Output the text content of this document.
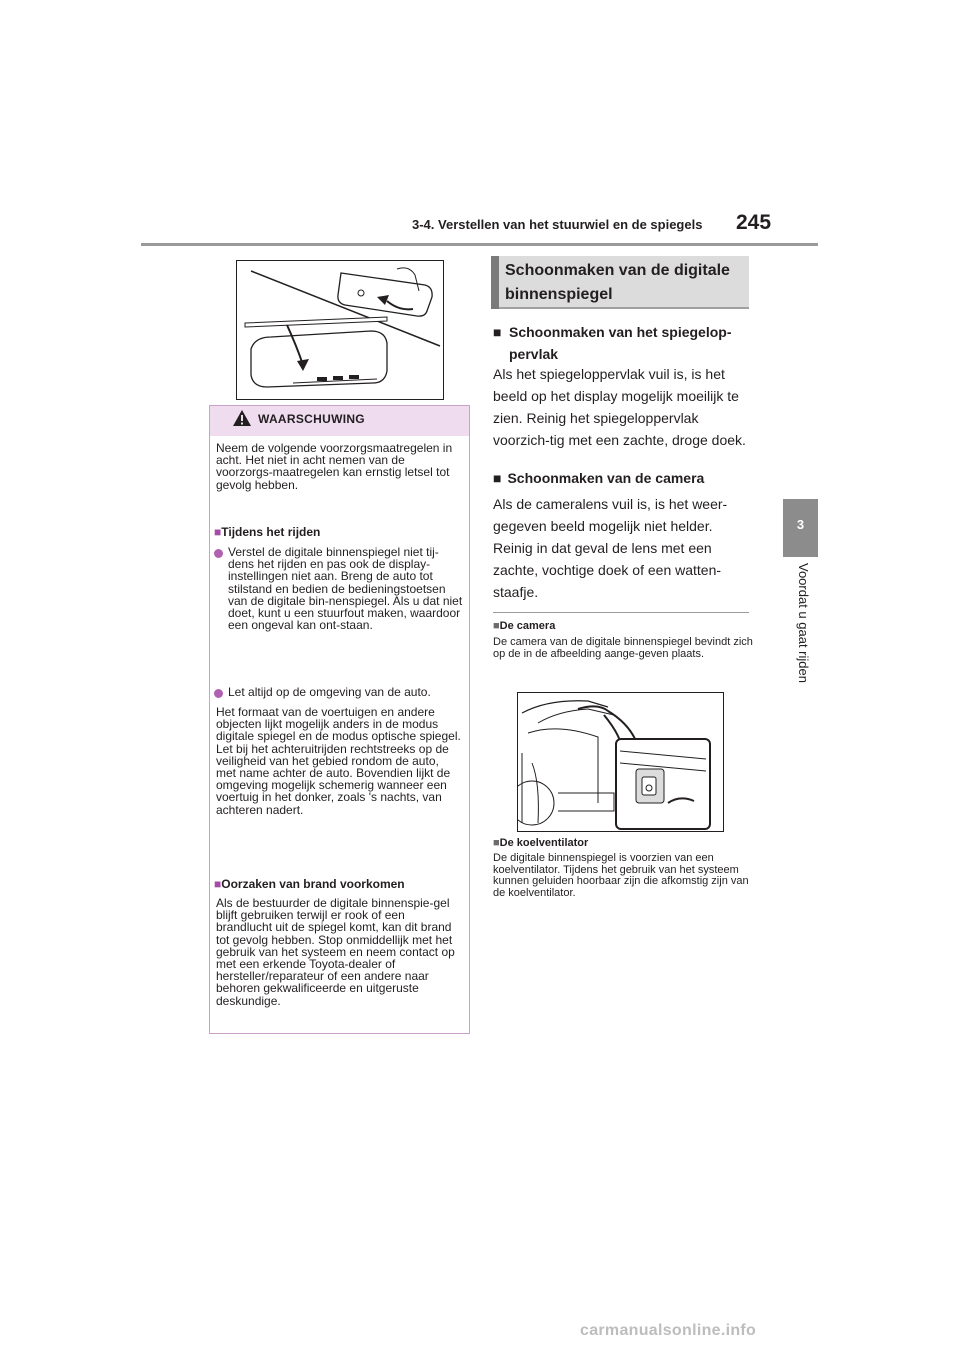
3-4. Verstellen van het stuurwiel en de spiegels 245
3
Voordat u gaat rijden
WAARSCHUWING
Neem de volgende voorzorgsmaatregelen in acht. Het niet in acht nemen van de voorzorgs-maatregelen kan ernstig letsel tot gevolg hebben.
■Tijdens het rijden
Verstel de digitale binnenspiegel niet tij-dens het rijden en pas ook de display-instellingen niet aan. Breng de auto tot stilstand en bedien de bedieningstoetsen van de digitale bin-nenspiegel. Als u dat niet doet, kunt u een stuurfout maken, waardoor een ongeval kan ont-staan.
Let altijd op de omgeving van de auto.
Het formaat van de voertuigen en andere objecten lijkt mogelijk anders in de modus digitale spiegel en de modus optische spiegel. Let bij het achteruitrijden rechtstreeks op de veiligheid van het gebied rondom de auto, met name achter de auto. Bovendien lijkt de omgeving mogelijk schemerig wanneer een voertuig in het donker, zoals 's nachts, van achteren nadert.
■Oorzaken van brand voorkomen
Als de bestuurder de digitale binnenspie-gel blijft gebruiken terwijl er rook of een brandlucht uit de spiegel komt, kan dit brand tot gevolg hebben. Stop onmiddellijk met het gebruik van het systeem en neem contact op met een erkende Toyota-dealer of hersteller/reparateur of een andere naar behoren gekwalificeerde en uitgeruste deskundige.
Schoonmaken van de digitale binnenspiegel
■ Schoonmaken van het spiegelop-pervlak
Als het spiegeloppervlak vuil is, is het beeld op het display mogelijk moeilijk te zien. Reinig het spiegeloppervlak voorzich-tig met een zachte, droge doek.
■ Schoonmaken van de camera
Als de cameralens vuil is, is het weer-gegeven beeld mogelijk niet helder. Reinig in dat geval de lens met een zachte, vochtige doek of een watten-staafje.
■De camera
De camera van de digitale binnenspiegel bevindt zich op de in de afbeelding aange-geven plaats.
■De koelventilator
De digitale binnenspiegel is voorzien van een koelventilator. Tijdens het gebruik van het systeem kunnen geluiden hoorbaar zijn die afkomstig zijn van de koelventilator.
carmanualsonline.info
